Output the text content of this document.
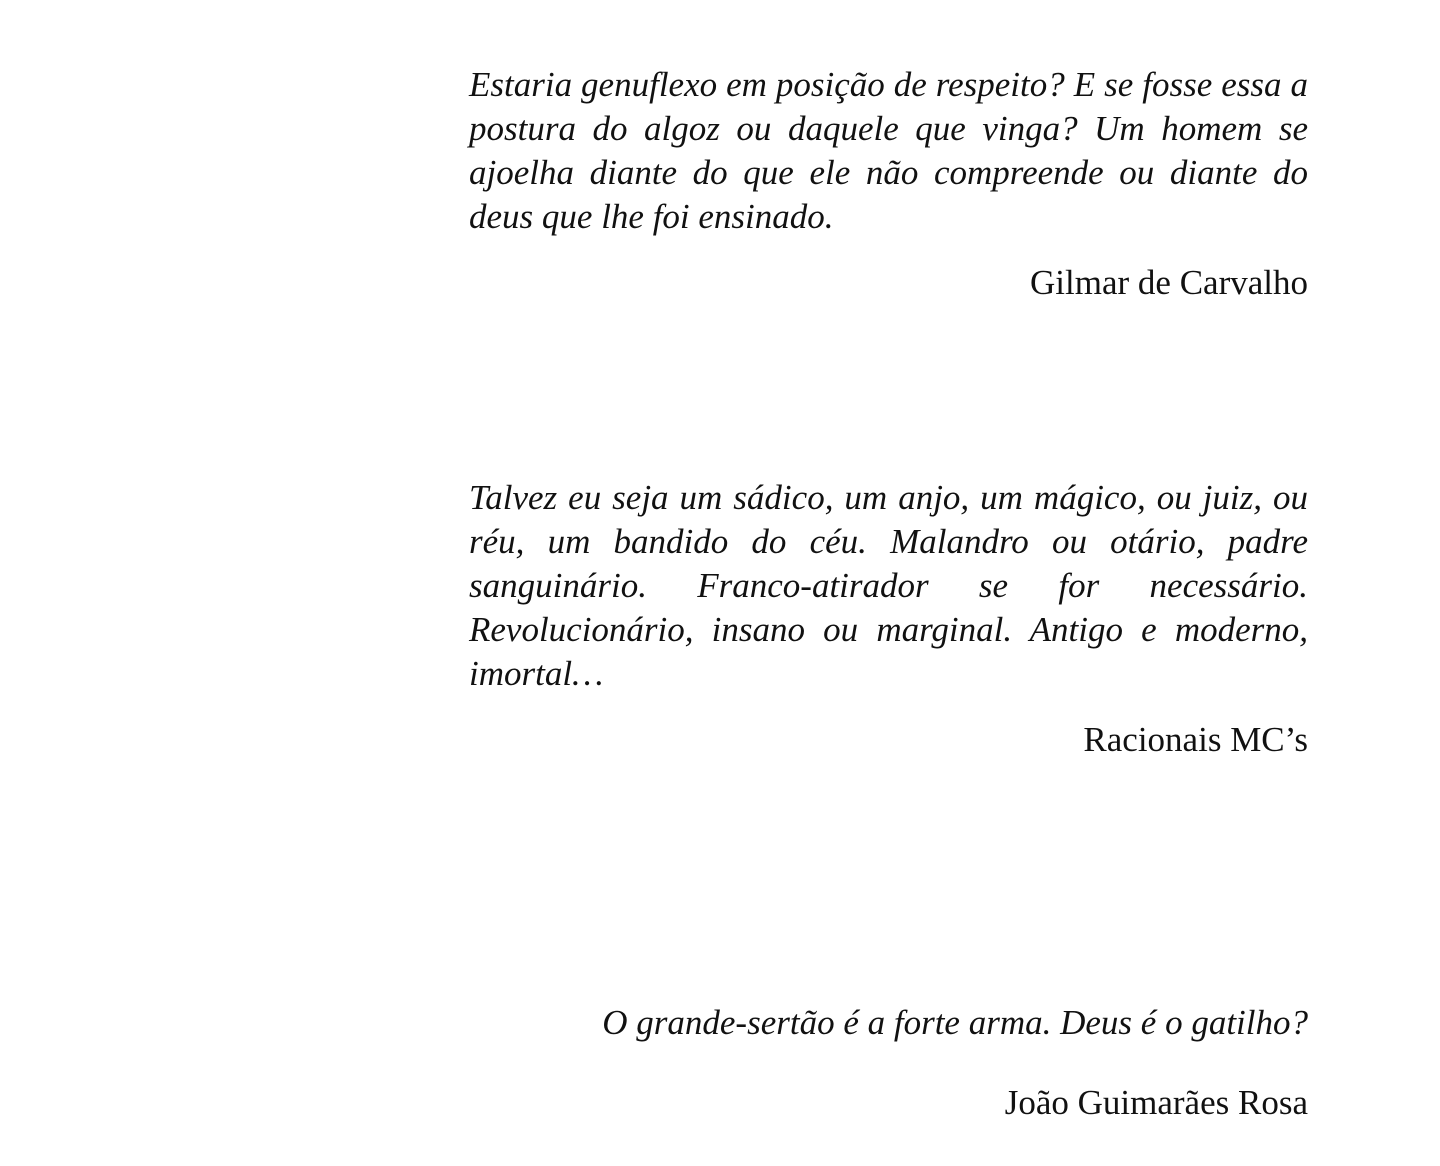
Estaria genuflexo em posição de respeito? E se fosse essa a postura do algoz ou daquele que vinga? Um homem se ajoelha diante do que ele não compreende ou diante do deus que lhe foi ensinado.

Gilmar de Carvalho

Talvez eu seja um sádico, um anjo, um mágico, ou juiz, ou réu, um bandido do céu. Malandro ou otário, padre sanguinário. Franco-atirador se for necessário. Revolucionário, insano ou marginal. Antigo e moderno, imortal…

Racionais MC’s

O grande-sertão é a forte arma. Deus é o gatilho?

João Guimarães Rosa
